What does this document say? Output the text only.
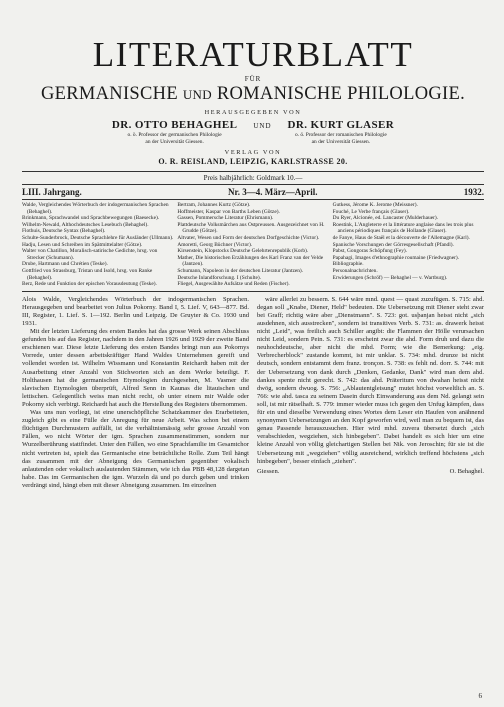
LITERATURBLATT
FÜR
GERMANISCHE UND ROMANISCHE PHILOLOGIE.
HERAUSGEGEBEN VON
DR. OTTO BEHAGHEL
o. ö. Professor der germanischen Philologie
an der Universität Giessen.
UND DR. KURT GLASER
o. ö. Professor der romanischen Philologie
an der Universität Giessen.
VERLAG VON
O. R. REISLAND, LEIPZIG, KARLSTRASSE 20.
Preis halbjährlich: Goldmark 10.—
LIII. Jahrgang.	Nr. 3—4. März—April.	1932.

Walde, Vergleichendes Wörterbuch der indogermanischen Sprachen (Behaghel).

Brinkmann, Sprachwandel und Sprachbewegungen (Baesecke).

Wilhelm-Newald, Althochdeutsches Lesebuch (Behaghel).

Flothuis, Deutsche Syntax (Behaghel).

Schulte-Sunderbrock, Deutsche Sprachlehre für Ausländer (Ullmann).

Hadju, Lesen und Schreiben im Spätmittelalter (Götze).

Walter von Chatillon, Moralisch-satirische Gedichte, hrsg. von Strecker (Schumann).

Drube, Hartmann und Chrétien (Teske).

Gottfried von Strassburg, Tristan und Isold, hrsg. von Ranke (Behaghel).

Berz, Rede und Funktion der epischen Vorausdeutung (Teske).

Bertram, Johannes Kurtz (Götze).

Hoffmeister, Kaspar von Barths Leben (Götze).

Gassen, Pommersche Literatur (Ehrismann).

Plattdeutsche Volksmärchen aus Ostpreussen. Ausgezeichnet von H. Grudde (Götze).

Altvater, Wesen und Form der deutschen Dorfgeschichte (Victor).

Amoretti, Georg Büchner (Victor).

Kirsenstein, Klopstocks Deutsche Gelehrtenrepublik (Korb).

Mather, Die historischen Erzählungen des Karl Franz van der Velde (Jantzen).

Schumann, Napoleon in der deutschen Literatur (Jantzen).

Deutsche Inlandforschung. I (Schulte).

Fliegel, Ausgewählte Aufsätze und Reden (Fischer).

Gutkess, Jérome K. Jerome (Meissner).

Fouché, Le Verbe français (Glaser).

Du Ryer, Alcionée, ed. Lancaster (Mulderhauer).

Roestink, L'Angleterre et la littérature anglaise dans les trois plus anciens périodiques français de Hollande (Glaser).

de Fanye, Haus de Staël et la découverte de l'Allemagne (Karl).

Spanische Vorschungen der Görresgesellschaft (Pfandl).

Pabst, Gongoras Schöpfung (Fey).

Papahagi, Images d'ethnographie roumaine (Friedwagner).

Bibliographie.

Personalnachrichten.

Erwiderungen (Schröf) — Behaghel — v. Wartburg).

Alois Walde, Vergleichendes Wörterbuch der indogermanischen Sprachen. Herausgegeben und bearbeitet von Julius Pokorny. Band I, 5. Lief. V, 643—877. Bd. III, Register, 1. Lief. S. 1—192. Berlin und Leipzig. De Gruyter & Co. 1930 und 1931.

Mit der letzten Lieferung des ersten Bandes hat das grosse Werk seinen Abschluss gefunden bis auf das Register, nachdem in den Jahren 1926 und 1929 der zweite Band erschienen war. Diese letzte Lieferung des ersten Bandes bringt nun aus Pokornys Vorrede, unter dessen arbeitskräftiger Hand Waldes Unternehmen gereift und vollendet worden ist. Wilhelm Wissmann und Konstantin Reichardt haben mit der Ausarbeitung einer Anzahl von Stichworten sich an dem Werke beteiligt. F. Holthausen hat die germanischen Etymologien durchgesehen, M. Vasmer die slavischen Etymologien überprüft, Alfred Senn in Kaunas die litauischen und lettischen. Gelegentlich weiss man nicht recht, ob unter einem mir Walde oder Pokorny sich verbirgt. Reichardt hat auch die Herstellung des Registers übernommen.

Was uns nun vorliegt, ist eine unerschöpfliche Schatzkammer des Erarbeiteten, zugleich gibt es eine Fülle der Anregung für neue Arbeit. Was schon bei einem flüchtigen Durchmustern auffällt, ist die verhältnismässig sehr grosse Anzahl von Fällen, wo nicht Wörter der igm. Sprachen zusammenstimmen, sondern nur Wurzelberührung stattfindet. Unter den Fällen, wo eine Sprachfamilie im Gesamtchor nicht vertreten ist, spielt das Germanische eine beträchtliche Rolle. Zum Teil hängt das zusammen mit der Abneigung des Germanischen gegenüber vokalisch anlautenden oder vokalisch auslautenden Stämmen, wie ich das PBB 48,128 dargetan habe. Das im Germanischen die igm. Wurzeln dā und po durch geben und trinken verdrängt sind, hängt eben mit dieser Abneigung zusammen. Im einzelnen

wäre allerlei zu bessern. S. 644 wäre mnd. quest — quast zuzufügen. S. 715: ahd. degan soll „Knabe, Diener, Held" bedeuten. Die Uebersetzung mit Diener steht zwar bei Graff; richtig wäre aber „Dienstmann". S. 723: got. usþanjan heisst nicht „sich ausdehnen, sich ausstrecken", sondern ist transitives Verb. S. 731: as. drawerk heisst nicht „Leid", was freilich auch Schiller angibt: die Flammen der Hölle verursachen nicht Leid, sondern Pein. S. 731: es erscheint zwar die ahd. Form druh und dazu die neuhochdeutsche, aber nicht die mhd. Form; wie die Bemerkung: „eig. Verbrecherblock" zustande kommt, ist mir unklar. S. 734: mhd. drunze ist nicht deutsch, sondern entstammt dem franz. tronçon. S. 738: es fehlt nd. dorr. S. 744: mit der Uebersetzung von dank durch „Denken, Gedanke, Dank" wird man dem ahd. dankes spente nicht gerecht. S. 742: das ahd. Präteritum von dwahan heisst nicht dwōg, sondern dwuog. S. 756: „Ablautentgleisung" mutet höchst vorweltlich an. S. 766: wie ahd. tasca zu seinem Dasein durch Einwanderung aus dem Nd. gelangt sein soll, ist mir rätselhaft. S. 779: immer wieder muss ich gegen den Unfug kämpfen, dass für ein und dieselbe Verwendung eines Wortes dem Leser ein Haufen von anähnend synonymen Uebersetzungen an den Kopf geworfen wird, weil man zu bequem ist, das genau Passende herauszusuchen. Hier wird mhd. zuvera übersetzt durch „sich verabschieden, wegziehen, sich hinbegeben". Dabei handelt es sich hier um eine kleine Anzahl von völlig gleichartigen Stellen bei Nik. von Jeroschin; für sie ist die Uebersetzung mit „wegziehen" völlig ausreichend, wirklich treffend höchstens „sich hinbegeben", besser einfach „ziehen".

Giessen.	O. Behaghel.
6
